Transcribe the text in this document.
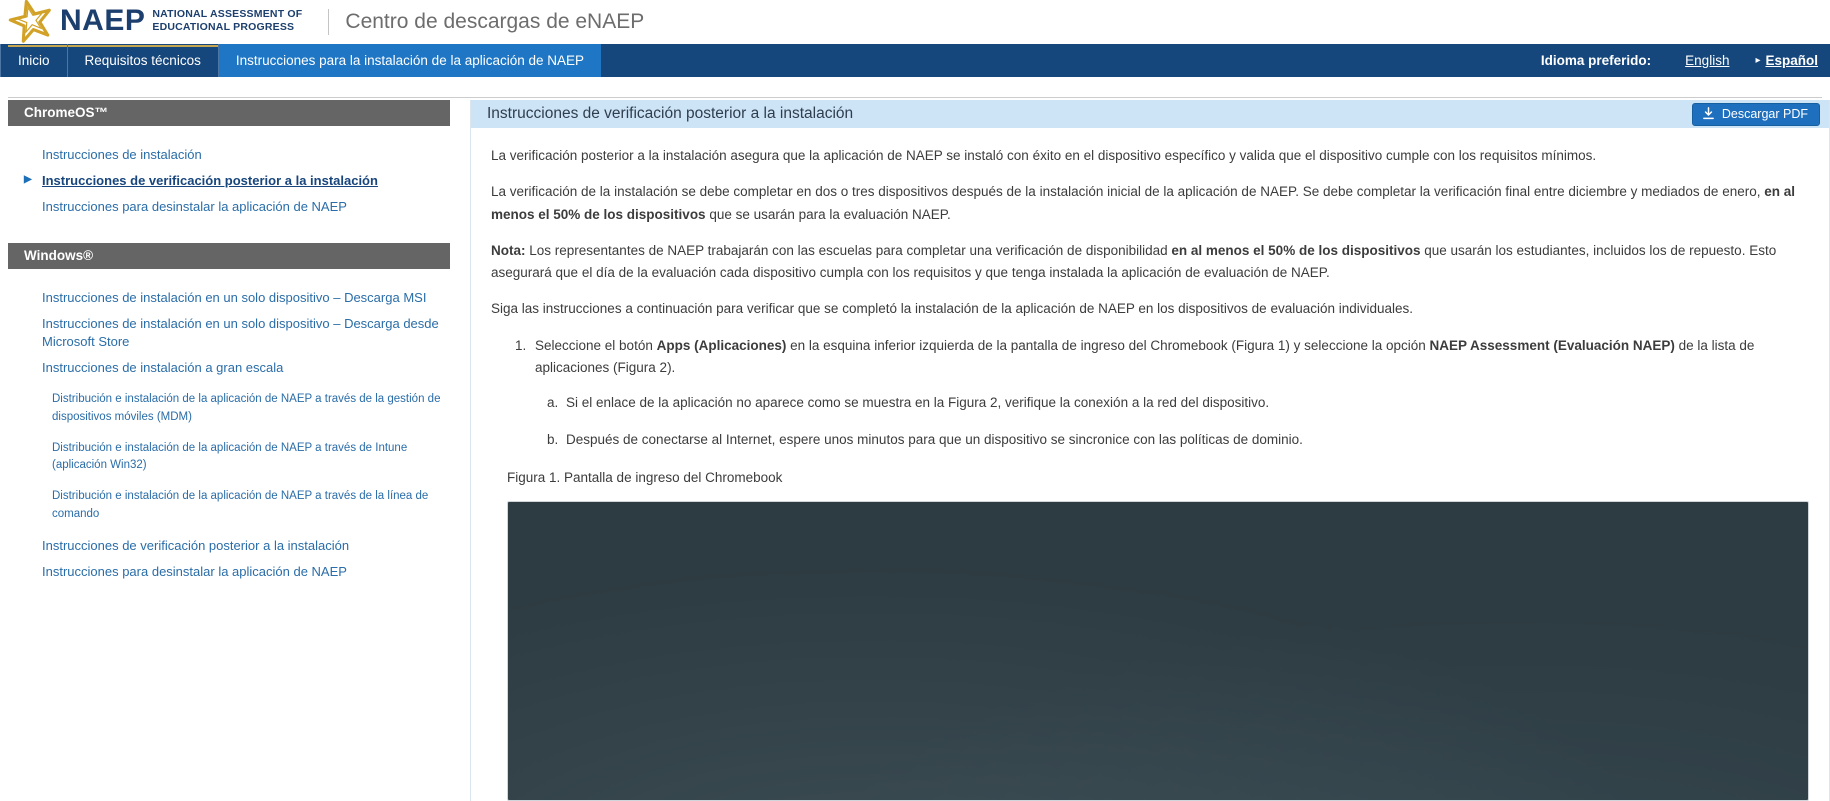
NAEP NATIONAL ASSESSMENT OF
EDUCATIONAL PROGRESS	Centro de descargas de eNAEP
Inicio	Requisitos técnicos	Instrucciones para la instalación de la aplicación de NAEP	Idioma preferido:	English	▸ Español
ChromeOS™
Instrucciones de instalación
▶ Instrucciones de verificación posterior a la instalación
Instrucciones para desinstalar la aplicación de NAEP
Windows®
Instrucciones de instalación en un solo dispositivo – Descarga MSI
Instrucciones de instalación en un solo dispositivo – Descarga desde Microsoft Store
Instrucciones de instalación a gran escala
Distribución e instalación de la aplicación de NAEP a través de la gestión de dispositivos móviles (MDM)
Distribución e instalación de la aplicación de NAEP a través de Intune (aplicación Win32)
Distribución e instalación de la aplicación de NAEP a través de la línea de comando
Instrucciones de verificación posterior a la instalación
Instrucciones para desinstalar la aplicación de NAEP
Instrucciones de verificación posterior a la instalación	Descargar PDF

La verificación posterior a la instalación asegura que la aplicación de NAEP se instaló con éxito en el dispositivo específico y valida que el dispositivo cumple con los requisitos mínimos.

La verificación de la instalación se debe completar en dos o tres dispositivos después de la instalación inicial de la aplicación de NAEP. Se debe completar la verificación final entre diciembre y mediados de enero, en al menos el 50% de los dispositivos que se usarán para la evaluación NAEP.

Nota: Los representantes de NAEP trabajarán con las escuelas para completar una verificación de disponibilidad en al menos el 50% de los dispositivos que usarán los estudiantes, incluidos los de repuesto. Esto asegurará que el día de la evaluación cada dispositivo cumpla con los requisitos y que tenga instalada la aplicación de evaluación de NAEP.

Siga las instrucciones a continuación para verificar que se completó la instalación de la aplicación de NAEP en los dispositivos de evaluación individuales.

1. Seleccione el botón Apps (Aplicaciones) en la esquina inferior izquierda de la pantalla de ingreso del Chromebook (Figura 1) y seleccione la opción NAEP Assessment (Evaluación NAEP) de la lista de aplicaciones (Figura 2).
a. Si el enlace de la aplicación no aparece como se muestra en la Figura 2, verifique la conexión a la red del dispositivo.
b. Después de conectarse al Internet, espere unos minutos para que un dispositivo se sincronice con las políticas de dominio.

Figura 1. Pantalla de ingreso del Chromebook
